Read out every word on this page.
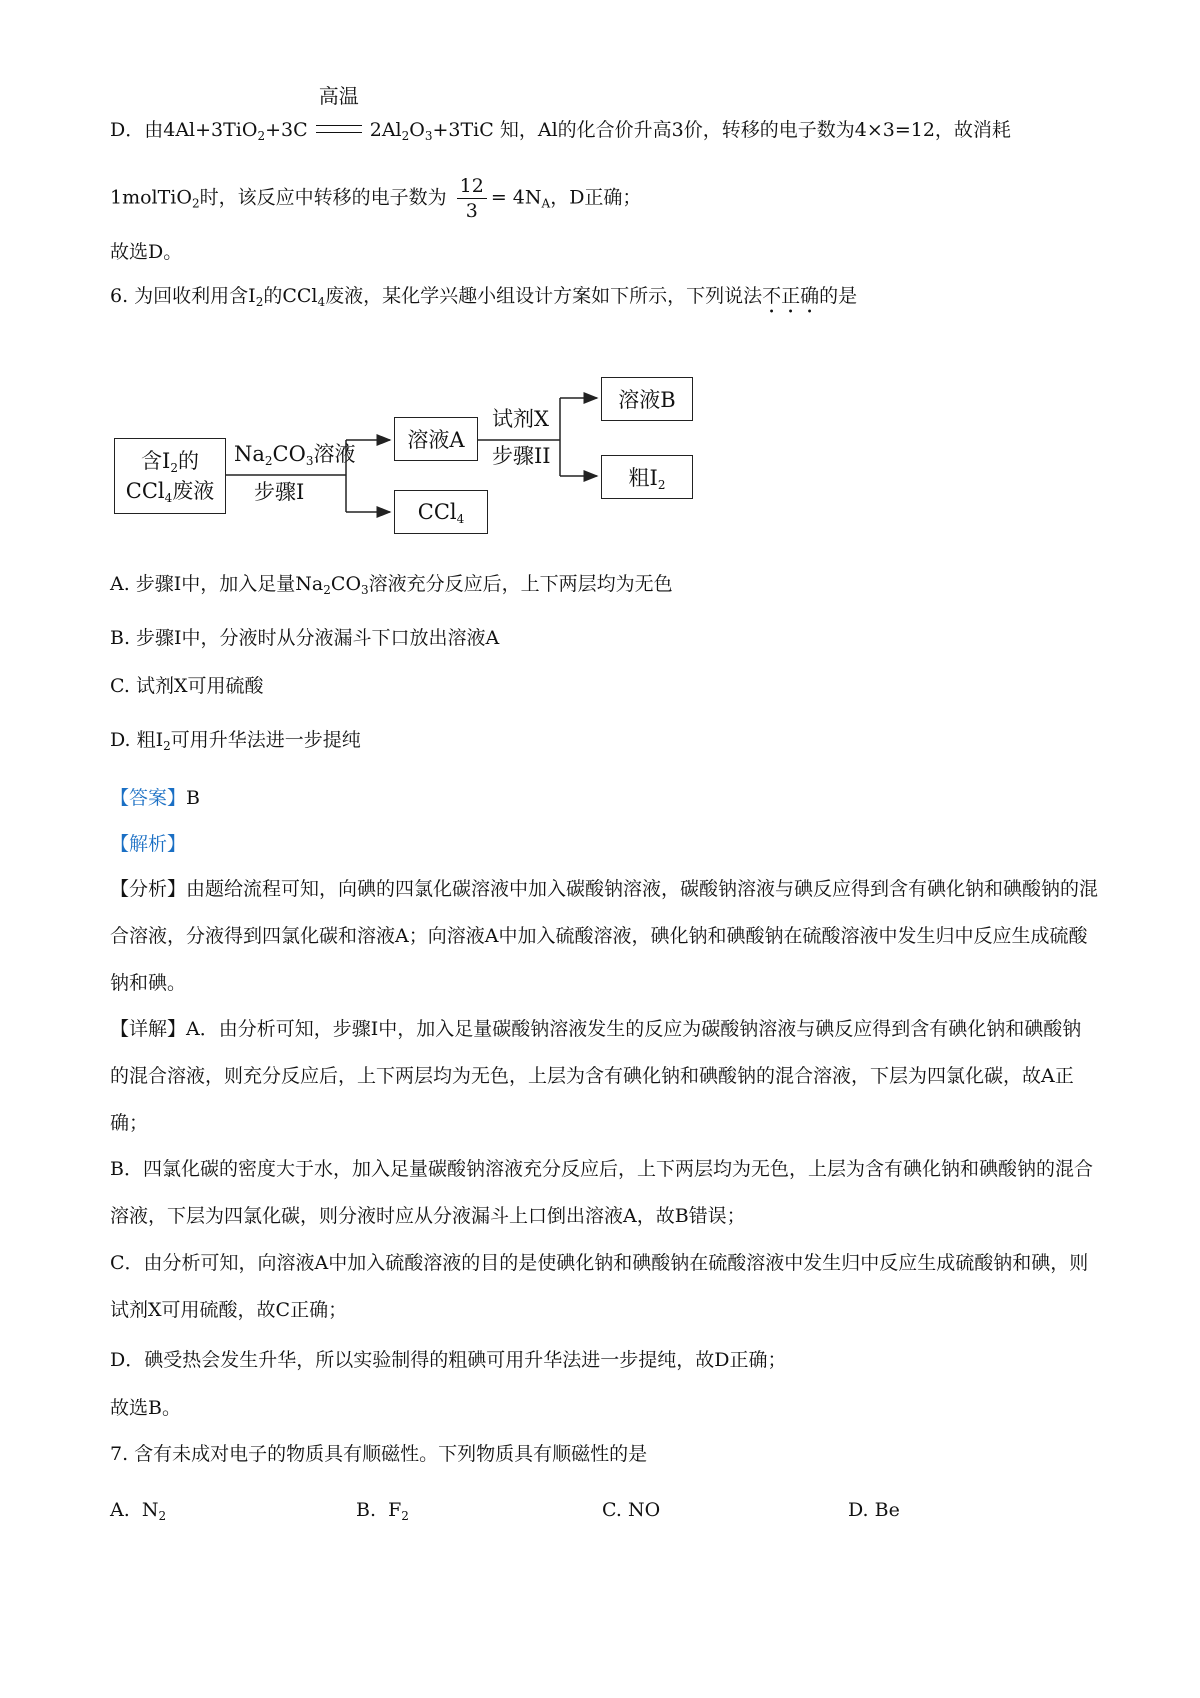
D．由4Al+3TiO$_2$+3C
高温
$2Al_2O_3+3TiC$ 知，Al的化合价升高3价，转移的电子数为4×3=12，故消耗
1molTiO$_2$时，该反应中转移的电子数为 $\frac{12}{3} = 4N_A$，D正确；
故选D。
6. 为回收利用含$I_2$的CCl$_4$废液，某化学兴趣小组设计方案如下所示，下列说法不正确的是
含$I_2$的
CCl$_4$废液
$Na_2CO_3$溶液
步骤I
溶液A
CCl$_4$
试剂X
步骤II
溶液B
粗$I_2$
A. 步骤I中，加入足量$Na_2CO_3$溶液充分反应后，上下两层均为无色
B. 步骤I中，分液时从分液漏斗下口放出溶液A
C. 试剂X可用硫酸
D. 粗$I_2$可用升华法进一步提纯
【答案】B
【解析】
【分析】由题给流程可知，向碘的四氯化碳溶液中加入碳酸钠溶液，碳酸钠溶液与碘反应得到含有碘化钠和碘酸钠的混合溶液，分液得到四氯化碳和溶液A；向溶液A中加入硫酸溶液，碘化钠和碘酸钠在硫酸溶液中发生归中反应生成硫酸钠和碘。
【详解】A．由分析可知，步骤I中，加入足量碳酸钠溶液发生的反应为碳酸钠溶液与碘反应得到含有碘化钠和碘酸钠的混合溶液，则充分反应后，上下两层均为无色，上层为含有碘化钠和碘酸钠的混合溶液，下层为四氯化碳，故A正确；
B．四氯化碳的密度大于水，加入足量碳酸钠溶液充分反应后，上下两层均为无色，上层为含有碘化钠和碘酸钠的混合溶液，下层为四氯化碳，则分液时应从分液漏斗上口倒出溶液A，故B错误；
C．由分析可知，向溶液A中加入硫酸溶液的目的是使碘化钠和碘酸钠在硫酸溶液中发生归中反应生成硫酸钠和碘，则试剂X可用硫酸，故C正确；
D．碘受热会发生升华，所以实验制得的粗碘可用升华法进一步提纯，故D正确；
故选B。
7. 含有未成对电子的物质具有顺磁性。下列物质具有顺磁性的是
A. $N_2$	B. $F_2$	C. NO	D. Be
